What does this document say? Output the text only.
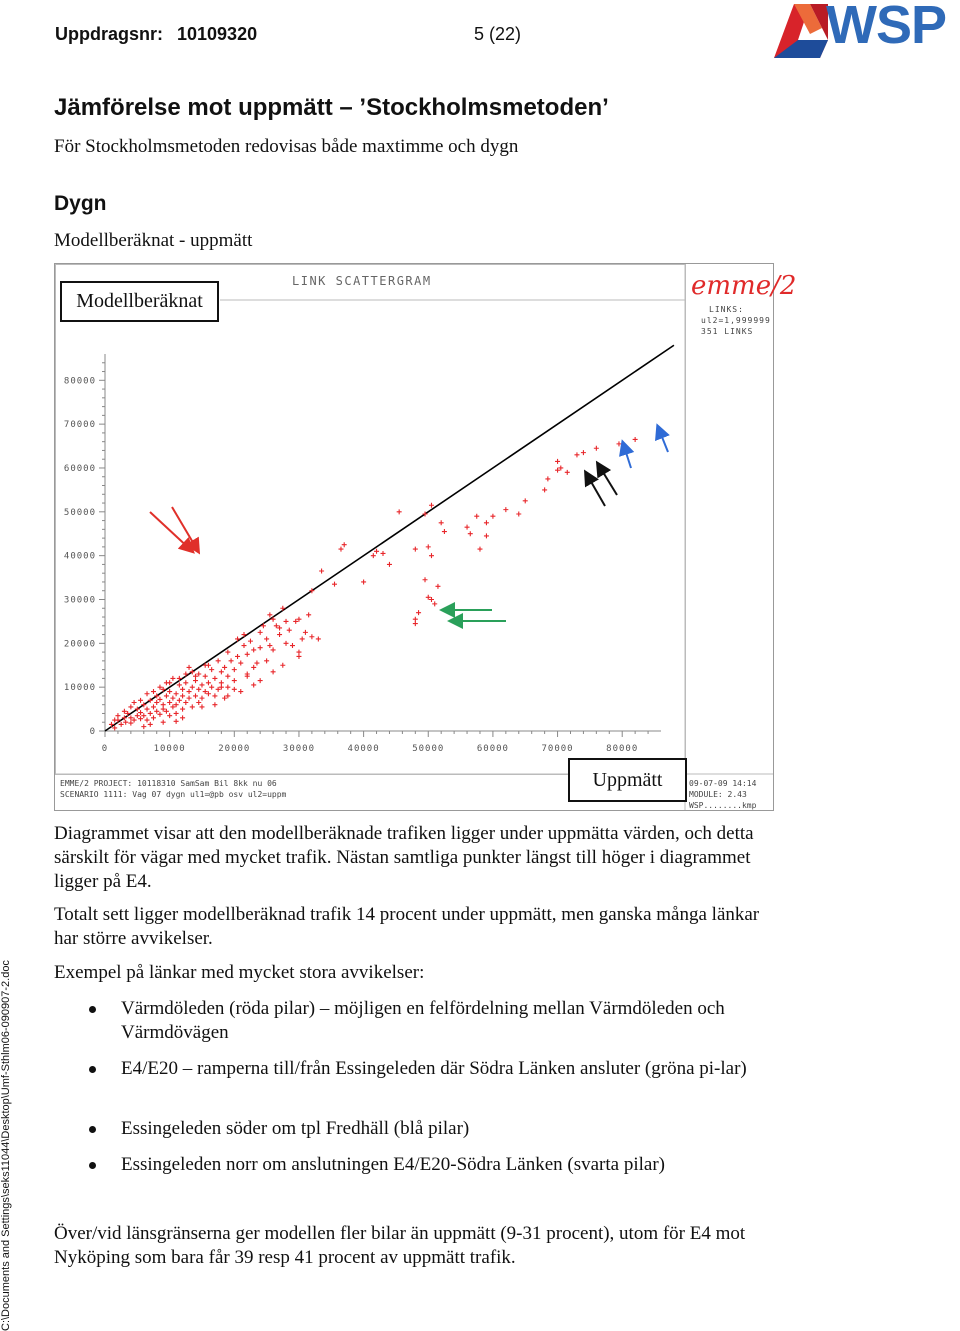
Uppdragsnr: 10109320	5 (22)	WSP
C:\Documents and Settings\seks11044\Desktop\Umf-Sthlm06-090907-2.doc
Jämförelse mot uppmätt – ’Stockholmsmetoden’
För Stockholmsmetoden redovisas både maxtimme och dygn
Dygn
Modellberäknat - uppmätt
LINK SCATTERGRAM
0	10000	20000	30000	40000	50000	60000	70000	80000
0
10000
20000
30000
40000
50000
60000
70000
80000
emme/2
LINKS:
ul2=1,999999
351 LINKS
EMME/2 PROJECT: 10118310 SamSam Bil 8kk nu 06
SCENARIO 1111: Vag 07 dygn ul1=@pb osv ul2=uppm
09-07-09 14:14
MODULE: 2.43
WSP........kmp
Modellberäknat
Uppmätt
Diagrammet visar att den modellberäknade trafiken ligger under uppmätta värden, och detta särskilt för vägar med mycket trafik. Nästan samtliga punkter längst till höger i diagrammet ligger på E4.
Totalt sett ligger modellberäknad trafik 14 procent under uppmätt, men ganska många länkar har större avvikelser.
Exempel på länkar med mycket stora avvikelser:
Värmdöleden (röda pilar) – möjligen en felfördelning mellan Värmdöleden och Värmdövägen
E4/E20 – ramperna till/från Essingeleden där Södra Länken ansluter (gröna pi-lar)
Essingeleden söder om tpl Fredhäll (blå pilar)
Essingeleden norr om anslutningen E4/E20-Södra Länken (svarta pilar)
Över/vid länsgränserna ger modellen fler bilar än uppmätt (9-31 procent), utom för E4 mot Nyköping som bara får 39 resp 41 procent av uppmätt trafik.
